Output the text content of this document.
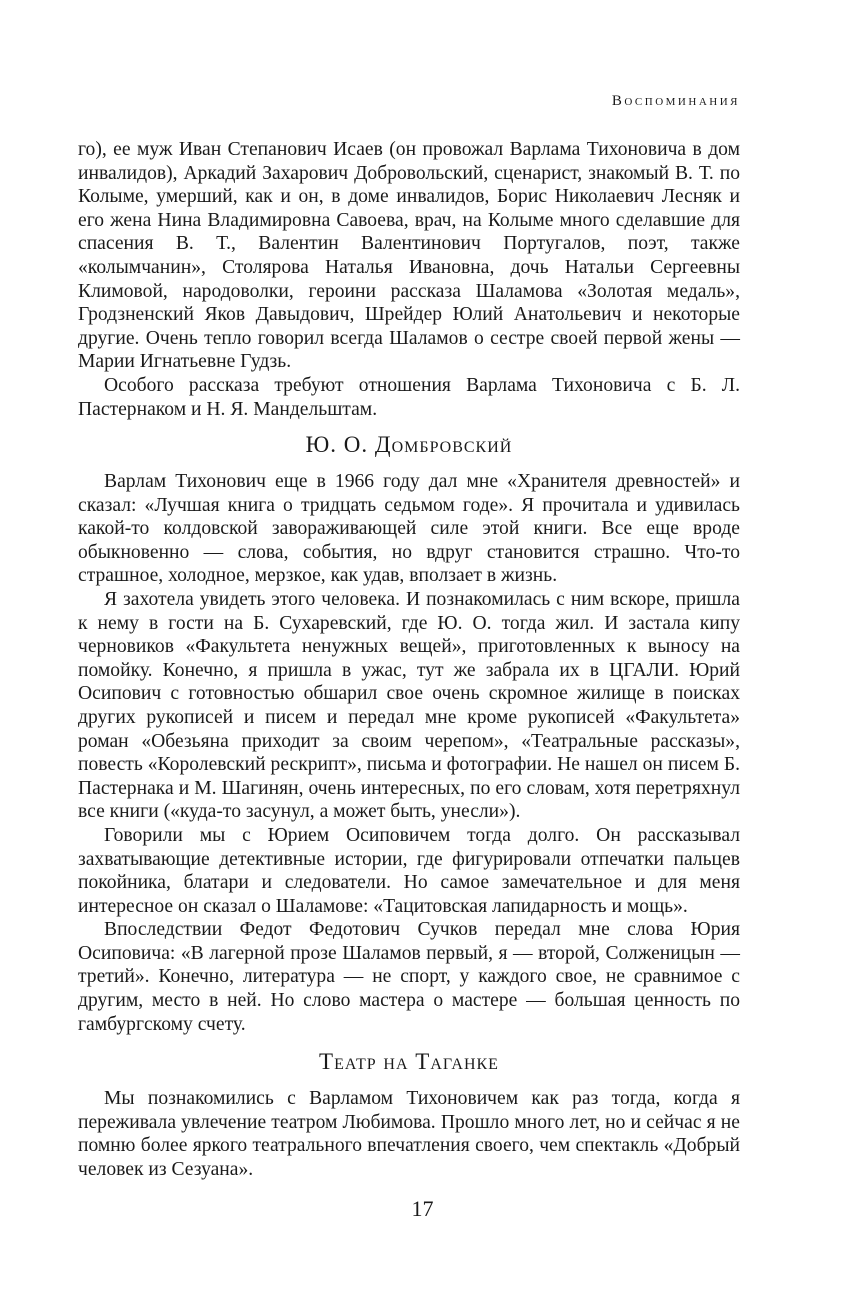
Воспоминания

го), ее муж Иван Степанович Исаев (он провожал Варлама Тихоновича в дом инвалидов), Аркадий Захарович Добровольский, сценарист, знакомый В. Т. по Колыме, умерший, как и он, в доме инвалидов, Борис Николаевич Лесняк и его жена Нина Владимировна Савоева, врач, на Колыме много сделавшие для спасения В. Т., Валентин Валентинович Португалов, поэт, также «колымчанин», Столярова Наталья Ивановна, дочь Натальи Сергеевны Климовой, народоволки, героини рассказа Шаламова «Золотая медаль», Гродзненский Яков Давыдович, Шрейдер Юлий Анатольевич и некоторые другие. Очень тепло говорил всегда Шаламов о сестре своей первой жены — Марии Игнатьевне Гудзь.

Особого рассказа требуют отношения Варлама Тихоновича с Б. Л. Пастернаком и Н. Я. Мандельштам.

Ю. О. Домбровский

Варлам Тихонович еще в 1966 году дал мне «Хранителя древностей» и сказал: «Лучшая книга о тридцать седьмом годе». Я прочитала и удивилась какой-то колдовской завораживающей силе этой книги. Все еще вроде обыкновенно — слова, события, но вдруг становится страшно. Что-то страшное, холодное, мерзкое, как удав, вползает в жизнь.

Я захотела увидеть этого человека. И познакомилась с ним вскоре, пришла к нему в гости на Б. Сухаревский, где Ю. О. тогда жил. И застала кипу черновиков «Факультета ненужных вещей», приготовленных к выносу на помойку. Конечно, я пришла в ужас, тут же забрала их в ЦГАЛИ. Юрий Осипович с готовностью обшарил свое очень скромное жилище в поисках других рукописей и писем и передал мне кроме рукописей «Факультета» роман «Обезьяна приходит за своим черепом», «Театральные рассказы», повесть «Королевский рескрипт», письма и фотографии. Не нашел он писем Б. Пастернака и М. Шагинян, очень интересных, по его словам, хотя перетряхнул все книги («куда-то засунул, а может быть, унесли»).

Говорили мы с Юрием Осиповичем тогда долго. Он рассказывал захватывающие детективные истории, где фигурировали отпечатки пальцев покойника, блатари и следователи. Но самое замечательное и для меня интересное он сказал о Шаламове: «Тацитовская лапидарность и мощь».

Впоследствии Федот Федотович Сучков передал мне слова Юрия Осиповича: «В лагерной прозе Шаламов первый, я — второй, Солженицын — третий». Конечно, литература — не спорт, у каждого свое, не сравнимое с другим, место в ней. Но слово мастера о мастере — большая ценность по гамбургскому счету.

Театр на Таганке

Мы познакомились с Варламом Тихоновичем как раз тогда, когда я переживала увлечение театром Любимова. Прошло много лет, но и сейчас я не помню более яркого театрального впечатления своего, чем спектакль «Добрый человек из Сезуана».

17
